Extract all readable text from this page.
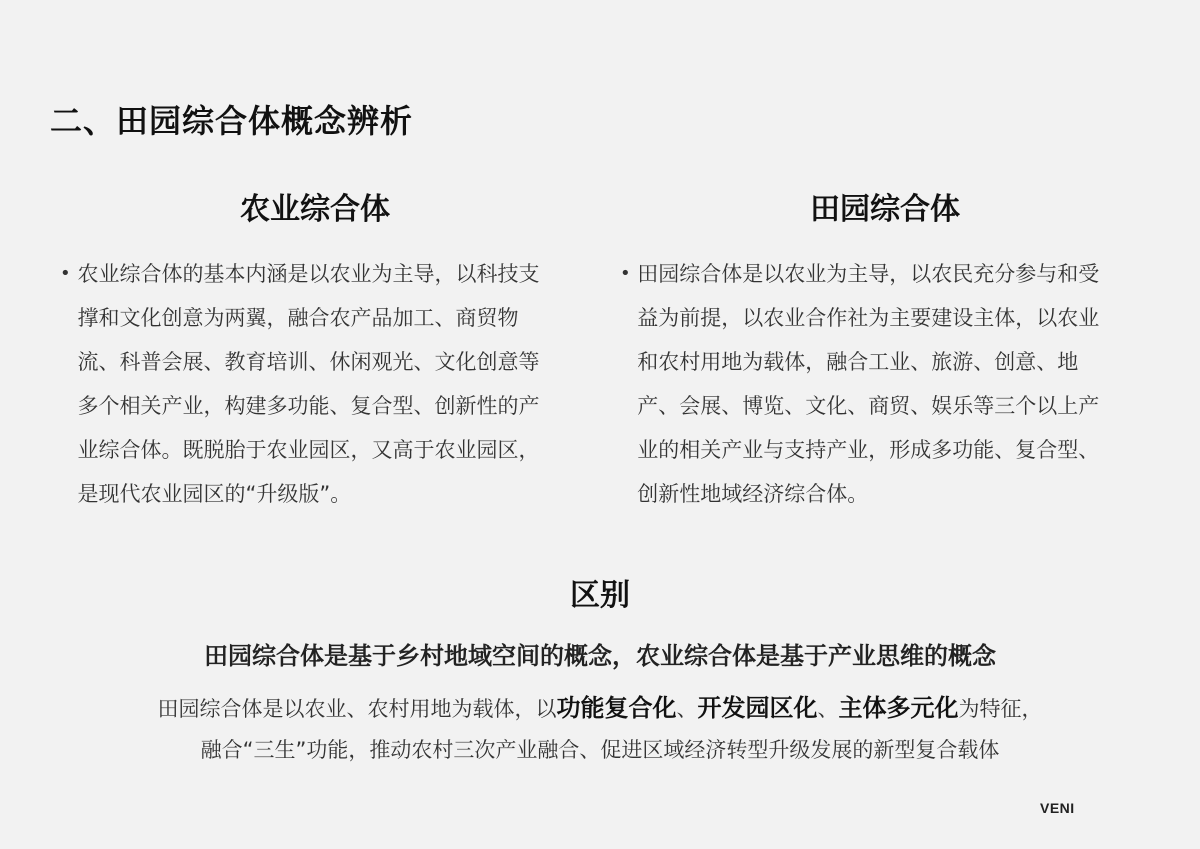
二、田园综合体概念辨析
农业综合体
• 农业综合体的基本内涵是以农业为主导，以科技支撑和文化创意为两翼，融合农产品加工、商贸物流、科普会展、教育培训、休闲观光、文化创意等多个相关产业，构建多功能、复合型、创新性的产业综合体。既脱胎于农业园区，又高于农业园区，是现代农业园区的“升级版”。
田园综合体
• 田园综合体是以农业为主导，以农民充分参与和受益为前提，以农业合作社为主要建设主体，以农业和农村用地为载体，融合工业、旅游、创意、地产、会展、博览、文化、商贸、娱乐等三个以上产业的相关产业与支持产业，形成多功能、复合型、创新性地域经济综合体。
区别
田园综合体是基于乡村地域空间的概念，农业综合体是基于产业思维的概念
田园综合体是以农业、农村用地为载体，以功能复合化、开发园区化、主体多元化为特征，
融合“三生”功能，推动农村三次产业融合、促进区域经济转型升级发展的新型复合载体
VENI
